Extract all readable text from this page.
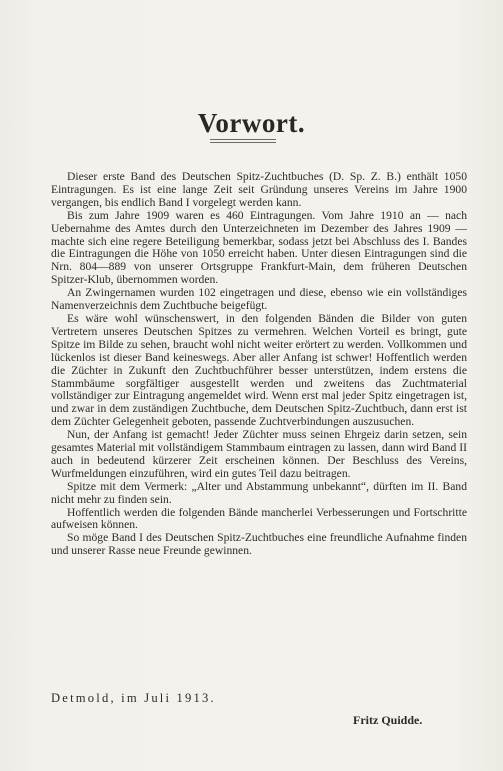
Vorwort.

Dieser erste Band des Deutschen Spitz-Zuchtbuches (D. Sp. Z. B.) enthält 1050 Eintragungen. Es ist eine lange Zeit seit Gründung unseres Vereins im Jahre 1900 vergangen, bis endlich Band I vorgelegt werden kann.

Bis zum Jahre 1909 waren es 460 Eintragungen. Vom Jahre 1910 an — nach Uebernahme des Amtes durch den Unterzeichneten im Dezember des Jahres 1909 — machte sich eine regere Beteiligung bemerkbar, sodass jetzt bei Abschluss des I. Bandes die Eintragungen die Höhe von 1050 erreicht haben. Unter diesen Eintragungen sind die Nrn. 804—889 von unserer Ortsgruppe Frankfurt-Main, dem früheren Deutschen Spitzer-Klub, übernommen worden.

An Zwingernamen wurden 102 eingetragen und diese, ebenso wie ein vollständiges Namenverzeichnis dem Zuchtbuche beigefügt.

Es wäre wohl wünschenswert, in den folgenden Bänden die Bilder von guten Vertretern unseres Deutschen Spitzes zu vermehren. Welchen Vorteil es bringt, gute Spitze im Bilde zu sehen, braucht wohl nicht weiter erörtert zu werden. Vollkommen und lückenlos ist dieser Band keineswegs. Aber aller Anfang ist schwer! Hoffentlich werden die Züchter in Zukunft den Zuchtbuchführer besser unterstützen, indem erstens die Stammbäume sorgfältiger ausgestellt werden und zweitens das Zuchtmaterial vollständiger zur Eintragung angemeldet wird. Wenn erst mal jeder Spitz eingetragen ist, und zwar in dem zuständigen Zuchtbuche, dem Deutschen Spitz-Zuchtbuch, dann erst ist dem Züchter Gelegenheit geboten, passende Zuchtverbindungen auszusuchen.

Nun, der Anfang ist gemacht! Jeder Züchter muss seinen Ehrgeiz darin setzen, sein gesamtes Material mit vollständigem Stammbaum eintragen zu lassen, dann wird Band II auch in bedeutend kürzerer Zeit erscheinen können. Der Beschluss des Vereins, Wurfmeldungen einzuführen, wird ein gutes Teil dazu beitragen.

Spitze mit dem Vermerk: „Alter und Abstammung unbekannt“, dürften im II. Band nicht mehr zu finden sein.

Hoffentlich werden die folgenden Bände mancherlei Verbesserungen und Fortschritte aufweisen können.

So möge Band I des Deutschen Spitz-Zuchtbuches eine freundliche Aufnahme finden und unserer Rasse neue Freunde gewinnen.

Detmold, im Juli 1913.
Fritz Quidde.
